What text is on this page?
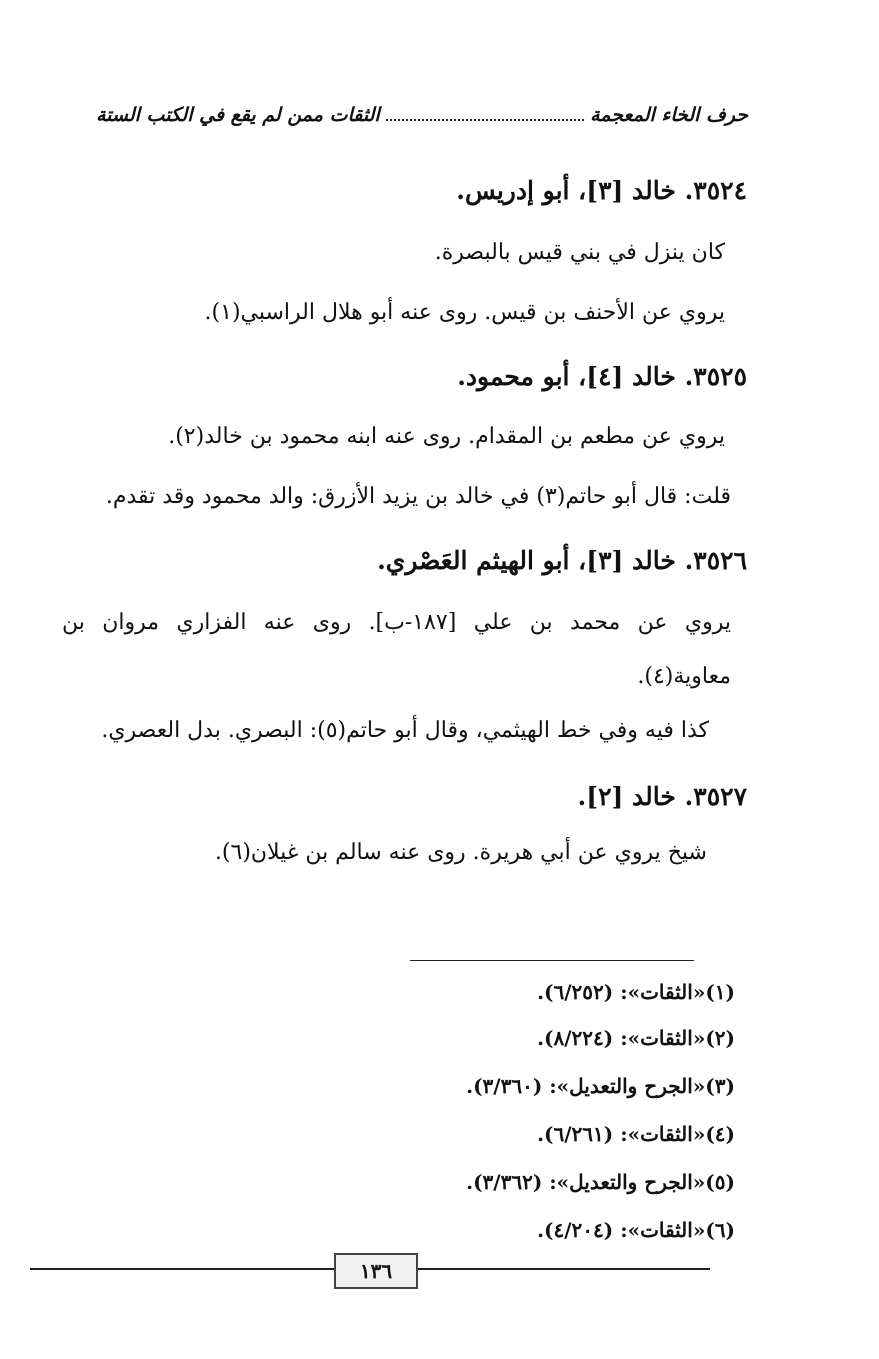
حرف الخاء المعجمة
الثقات ممن لم يقع في الكتب الستة
٣٥٢٤. خالد [٣]، أبو إدريس.
كان ينزل في بني قيس بالبصرة.
يروي عن الأحنف بن قيس. روى عنه أبو هلال الراسبي(١).
٣٥٢٥. خالد [٤]، أبو محمود.
يروي عن مطعم بن المقدام. روى عنه ابنه محمود بن خالد(٢).
قلت: قال أبو حاتم(٣) في خالد بن يزيد الأزرق: والد محمود وقد تقدم.
٣٥٢٦. خالد [٣]، أبو الهيثم العَصْري.
يروي عن محمد بن علي [١٨٧-ب]. روى عنه الفزاري مروان بن
معاوية(٤).
كذا فيه وفي خط الهيثمي، وقال أبو حاتم(٥): البصري. بدل العصري.
٣٥٢٧. خالد [٢].
شيخ يروي عن أبي هريرة. روى عنه سالم بن غيلان(٦).
(١)«الثقات»: (٦/٢٥٢).
(٢)«الثقات»: (٨/٢٢٤).
(٣)«الجرح والتعديل»: (٣/٣٦٠).
(٤)«الثقات»: (٦/٢٦١).
(٥)«الجرح والتعديل»: (٣/٣٦٢).
(٦)«الثقات»: (٤/٢٠٤).
١٣٦
